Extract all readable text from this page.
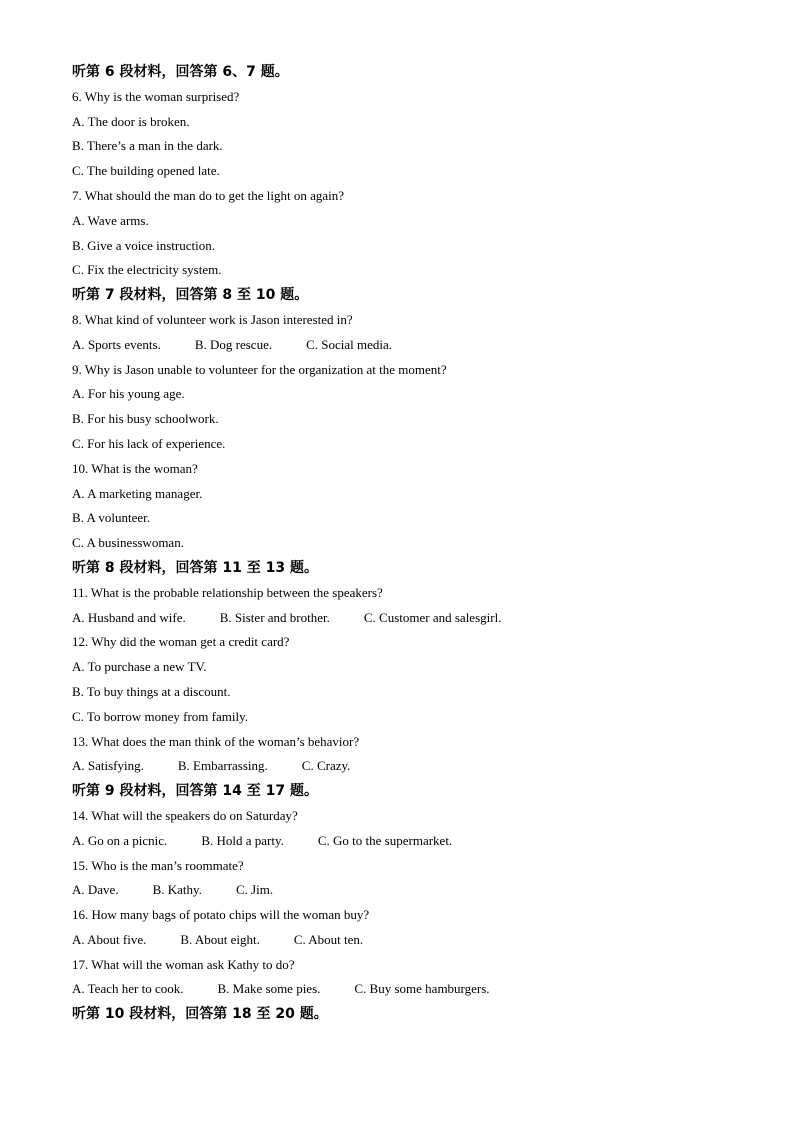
听第 6 段材料，回答第 6、7 题。
6. Why is the woman surprised?
A. The door is broken.
B. There’s a man in the dark.
C. The building opened late.
7. What should the man do to get the light on again?
A. Wave arms.
B. Give a voice instruction.
C. Fix the electricity system.
听第 7 段材料，回答第 8 至 10 题。
8. What kind of volunteer work is Jason interested in?
A. Sports events.	B. Dog rescue.	C. Social media.
9. Why is Jason unable to volunteer for the organization at the moment?
A. For his young age.
B. For his busy schoolwork.
C. For his lack of experience.
10. What is the woman?
A. A marketing manager.
B. A volunteer.
C. A businesswoman.
听第 8 段材料，回答第 11 至 13 题。
11. What is the probable relationship between the speakers?
A. Husband and wife.	B. Sister and brother.	C. Customer and salesgirl.
12. Why did the woman get a credit card?
A. To purchase a new TV.
B. To buy things at a discount.
C. To borrow money from family.
13. What does the man think of the woman’s behavior?
A. Satisfying.	B. Embarrassing.	C. Crazy.
听第 9 段材料，回答第 14 至 17 题。
14. What will the speakers do on Saturday?
A. Go on a picnic.	B. Hold a party.	C. Go to the supermarket.
15. Who is the man’s roommate?
A. Dave.	B. Kathy.	C. Jim.
16. How many bags of potato chips will the woman buy?
A. About five.	B. About eight.	C. About ten.
17. What will the woman ask Kathy to do?
A. Teach her to cook.	B. Make some pies.	C. Buy some hamburgers.
听第 10 段材料，回答第 18 至 20 题。
